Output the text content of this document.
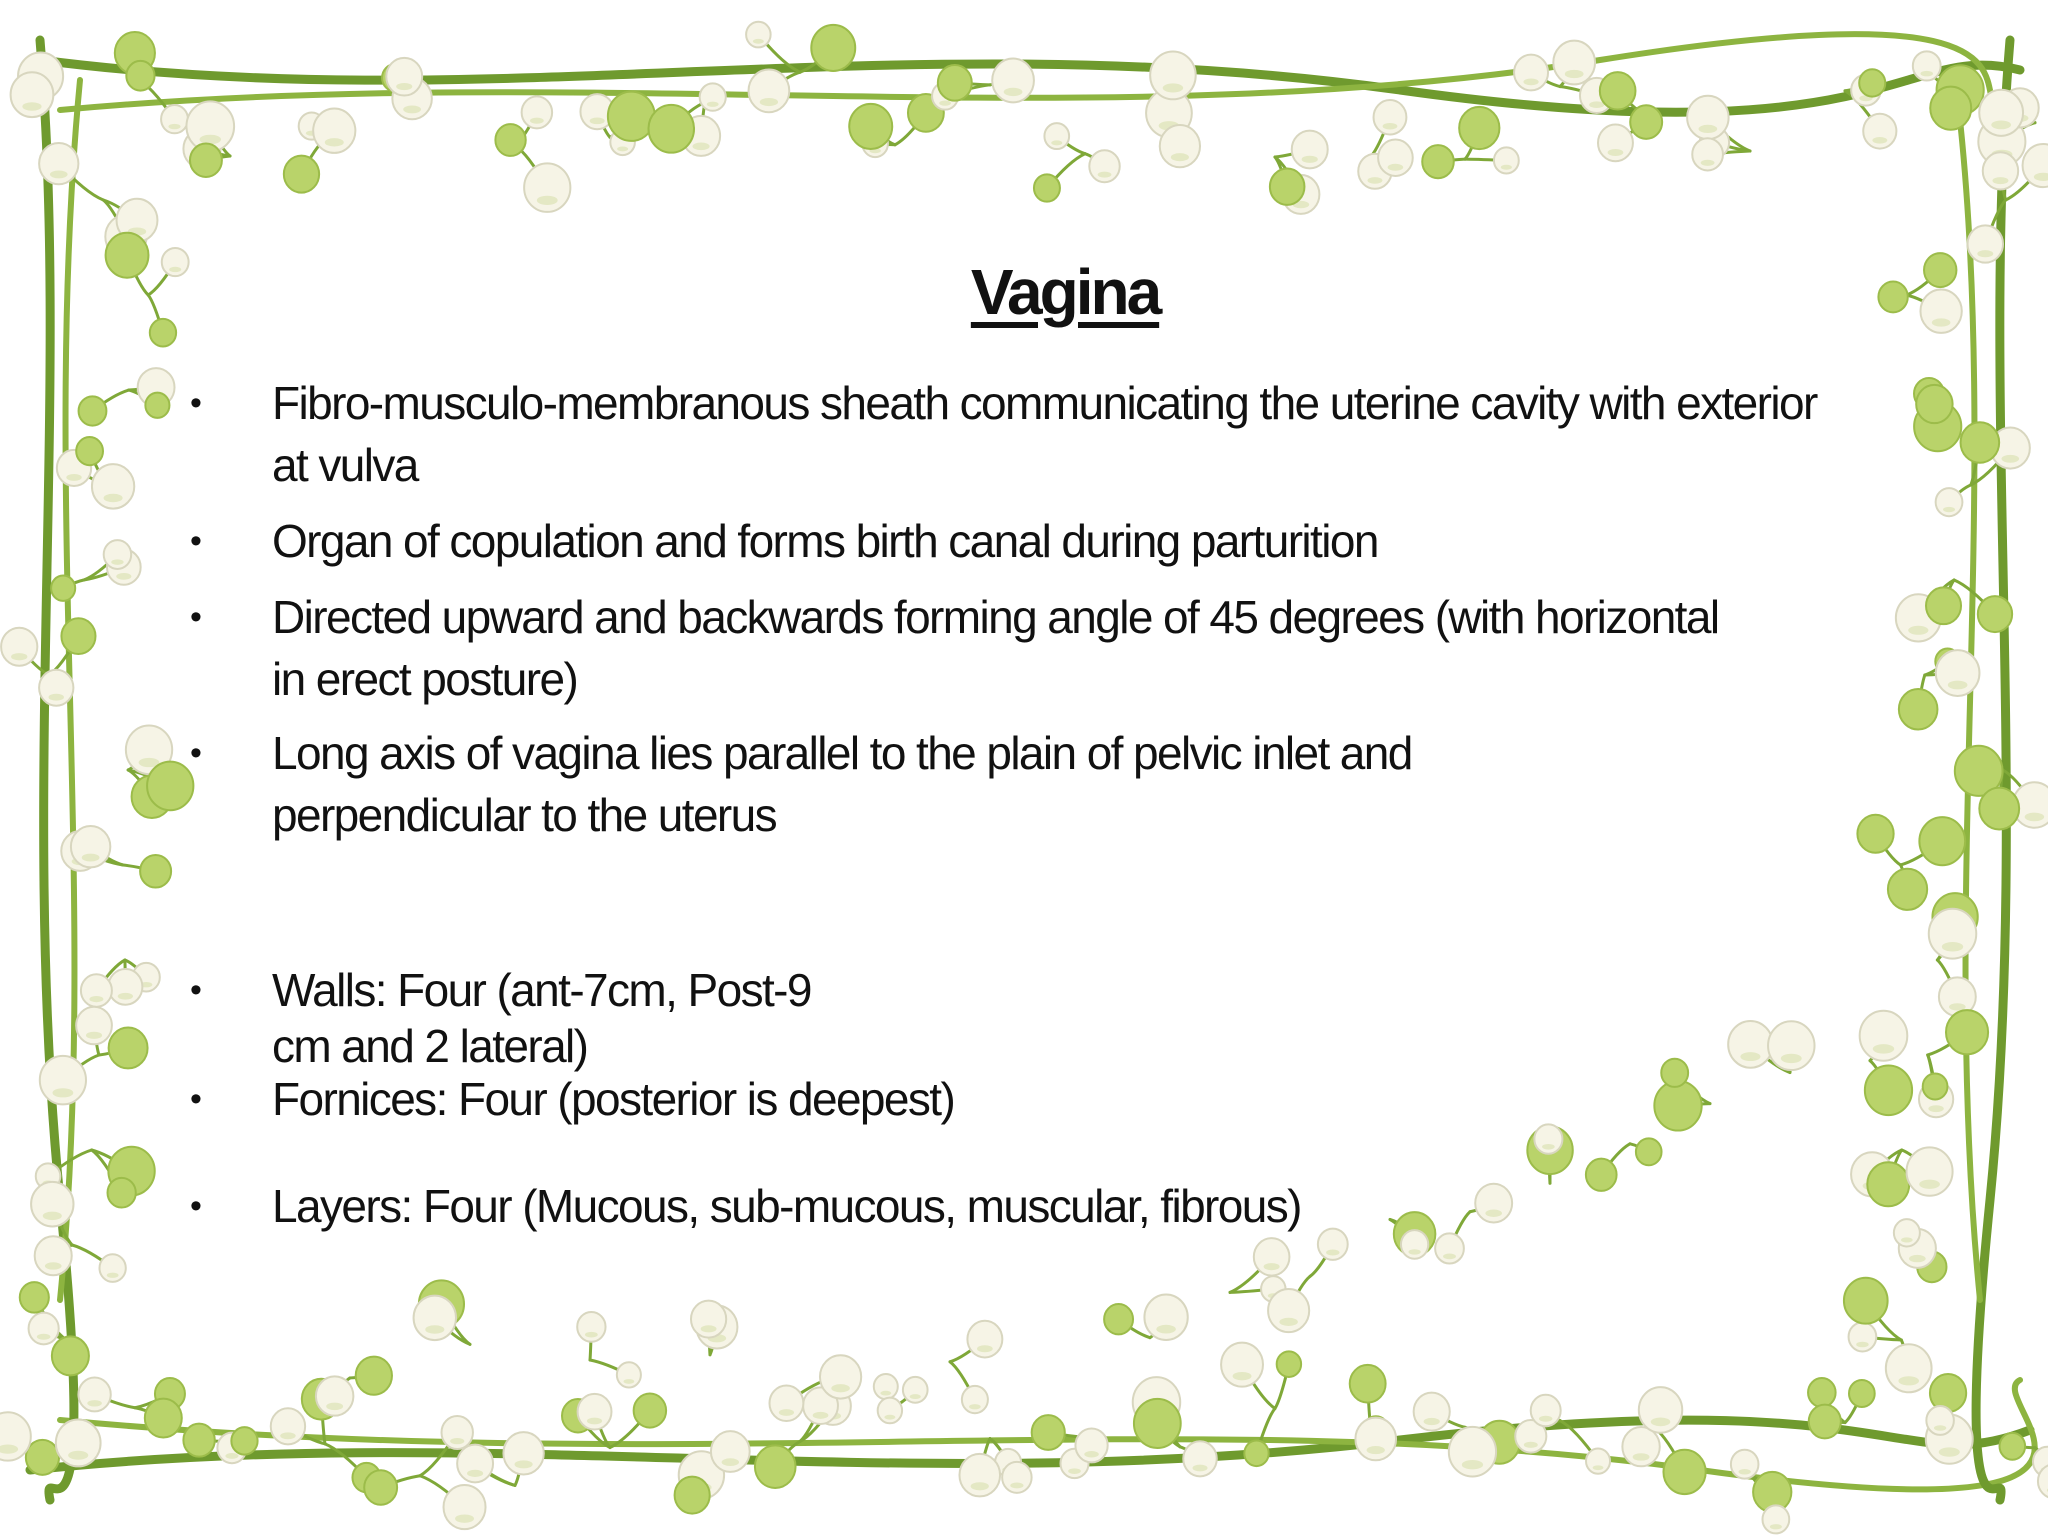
Vagina
•	Fibro-musculo-membranous sheath communicating the uterine cavity with exterior at vulva
•	Organ of copulation and forms birth canal during parturition
•	Directed upward and backwards forming angle of 45 degrees (with horizontal in erect posture)
•	Long axis of vagina lies parallel to the plain of pelvic inlet and perpendicular to the uterus
•	Walls: Four (ant-7cm, Post-9 cm and 2 lateral)
•	Fornices: Four (posterior is deepest)
•	Layers: Four (Mucous, sub-mucous, muscular, fibrous)
